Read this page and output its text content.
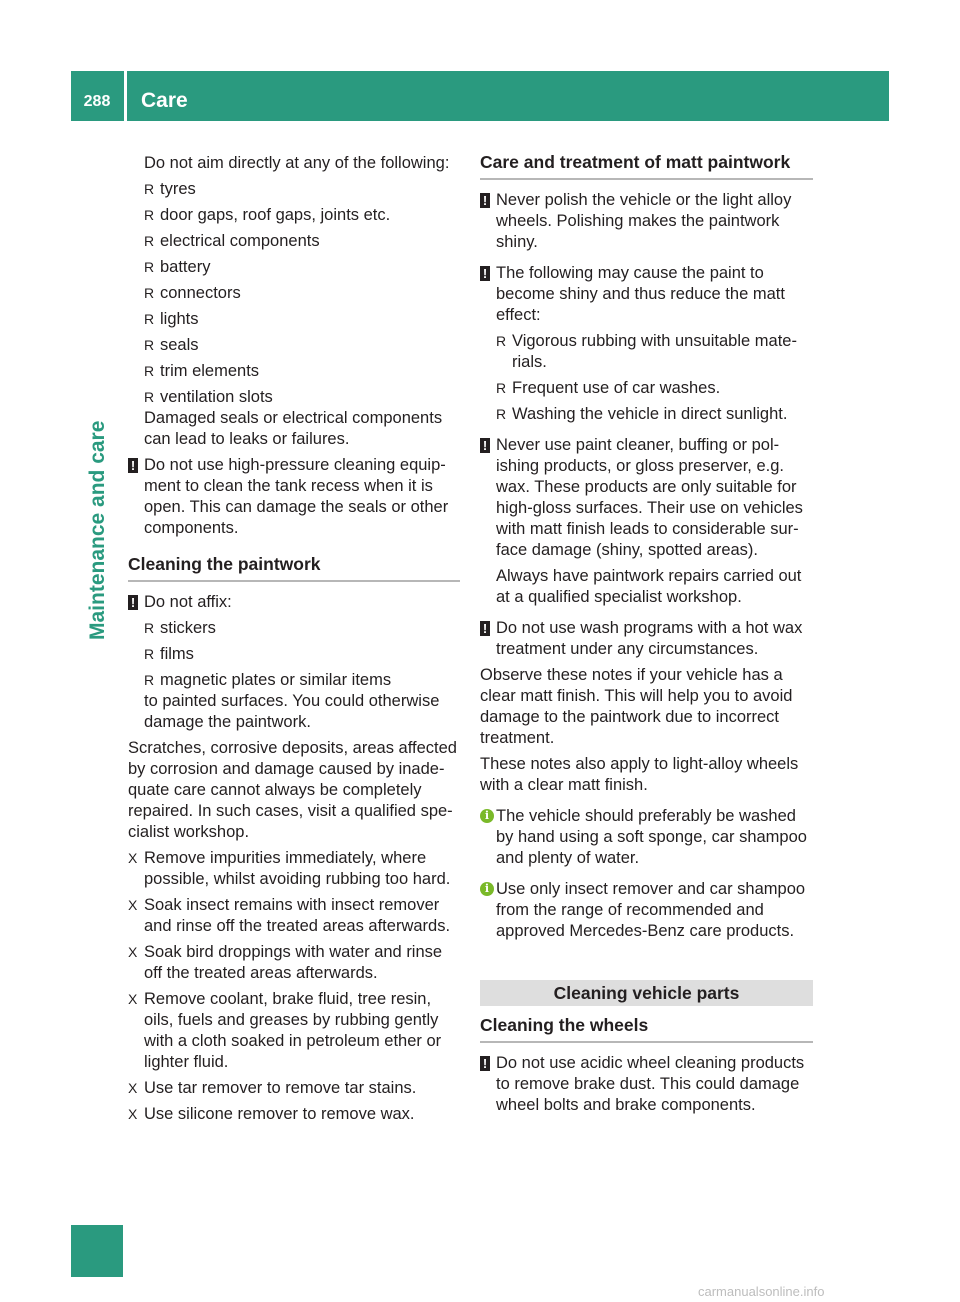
288	Care
Maintenance and care
Do not aim directly at any of the following:
R tyres
R door gaps, roof gaps, joints etc.
R electrical components
R battery
R connectors
R lights
R seals
R trim elements
R ventilation slots
Damaged seals or electrical components can lead to leaks or failures.
! Do not use high-pressure cleaning equip-ment to clean the tank recess when it is open. This can damage the seals or other components.
Cleaning the paintwork
! Do not affix:
R stickers
R films
R magnetic plates or similar items
to painted surfaces. You could otherwise damage the paintwork.
Scratches, corrosive deposits, areas affected by corrosion and damage caused by inade-quate care cannot always be completely repaired. In such cases, visit a qualified spe-cialist workshop.
X Remove impurities immediately, where possible, whilst avoiding rubbing too hard.
X Soak insect remains with insect remover and rinse off the treated areas afterwards.
X Soak bird droppings with water and rinse off the treated areas afterwards.
X Remove coolant, brake fluid, tree resin, oils, fuels and greases by rubbing gently with a cloth soaked in petroleum ether or lighter fluid.
X Use tar remover to remove tar stains.
X Use silicone remover to remove wax.
Care and treatment of matt paintwork
! Never polish the vehicle or the light alloy wheels. Polishing makes the paintwork shiny.
! The following may cause the paint to become shiny and thus reduce the matt effect:
R Vigorous rubbing with unsuitable mate-rials.
R Frequent use of car washes.
R Washing the vehicle in direct sunlight.
! Never use paint cleaner, buffing or pol-ishing products, or gloss preserver, e.g. wax. These products are only suitable for high-gloss surfaces. Their use on vehicles with matt finish leads to considerable sur-face damage (shiny, spotted areas).
Always have paintwork repairs carried out at a qualified specialist workshop.
! Do not use wash programs with a hot wax treatment under any circumstances.
Observe these notes if your vehicle has a clear matt finish. This will help you to avoid damage to the paintwork due to incorrect treatment.
These notes also apply to light-alloy wheels with a clear matt finish.
i The vehicle should preferably be washed by hand using a soft sponge, car shampoo and plenty of water.
i Use only insect remover and car shampoo from the range of recommended and approved Mercedes-Benz care products.
Cleaning vehicle parts
Cleaning the wheels
! Do not use acidic wheel cleaning products to remove brake dust. This could damage wheel bolts and brake components.
carmanualsonline.info
